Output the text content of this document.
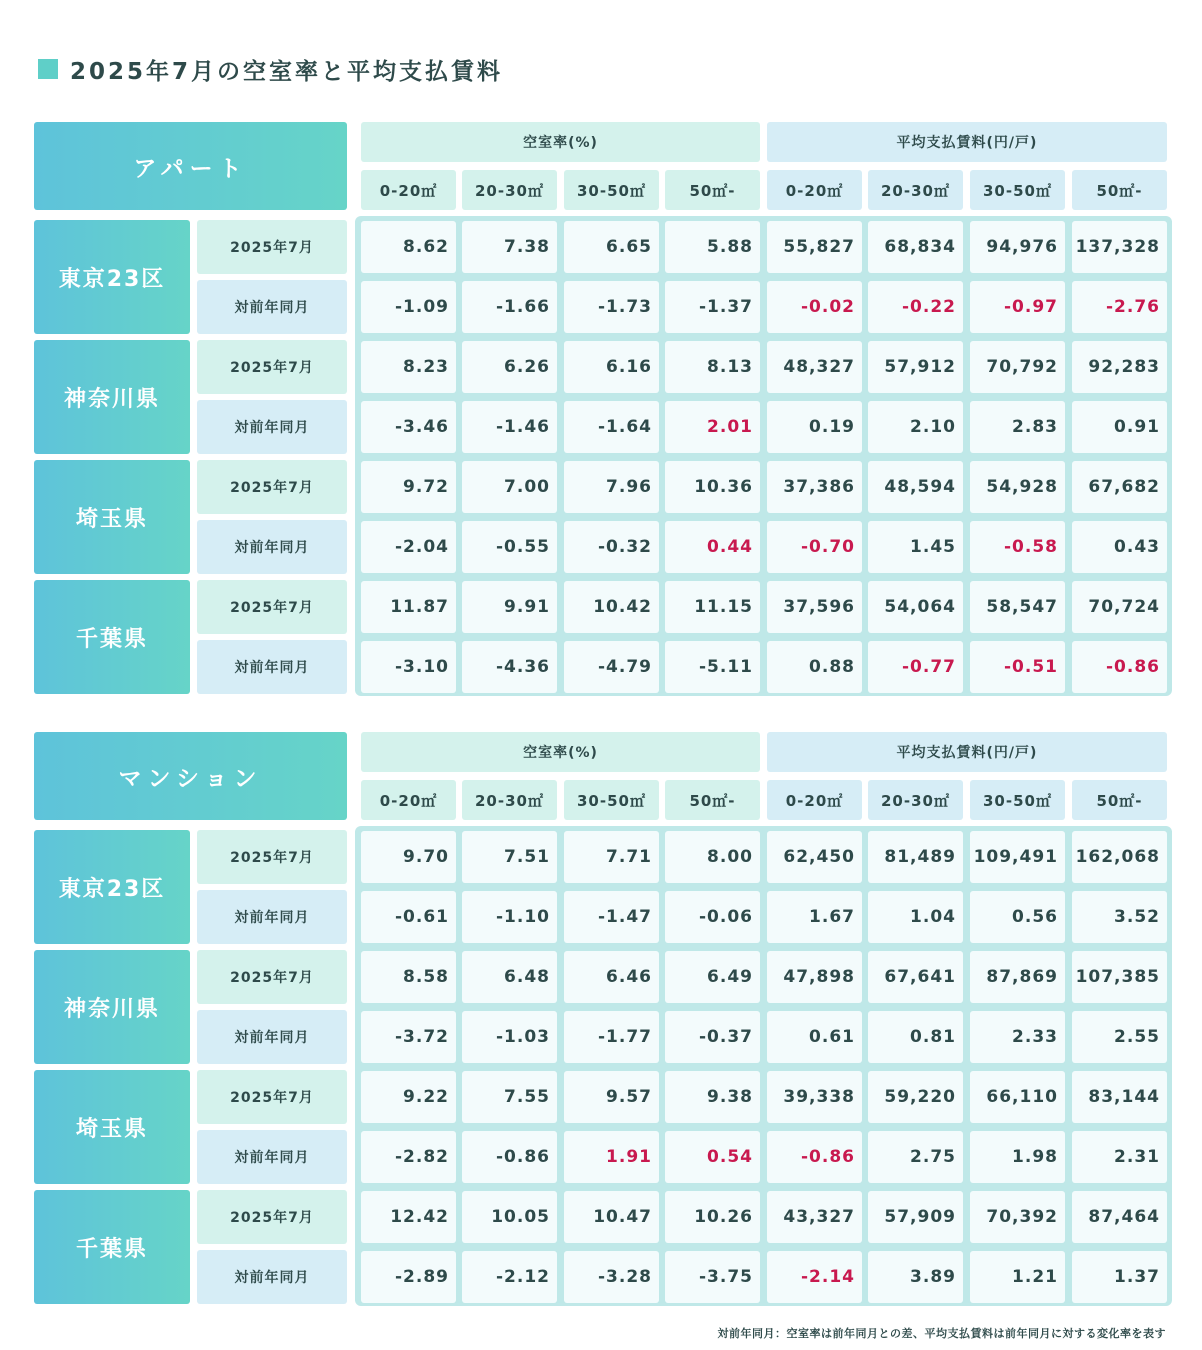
2025年7月の空室率と平均支払賃料
アパート
空室率(%)	平均支払賃料(円/戸)
0-20㎡	20-30㎡	30-50㎡	50㎡-	0-20㎡	20-30㎡	30-50㎡	50㎡-
東京23区
2025年7月	8.62	7.38	6.65	5.88	55,827	68,834	94,976	137,328
対前年同月	-1.09	-1.66	-1.73	-1.37	-0.02	-0.22	-0.97	-2.76
神奈川県
2025年7月	8.23	6.26	6.16	8.13	48,327	57,912	70,792	92,283
対前年同月	-3.46	-1.46	-1.64	2.01	0.19	2.10	2.83	0.91
埼玉県
2025年7月	9.72	7.00	7.96	10.36	37,386	48,594	54,928	67,682
対前年同月	-2.04	-0.55	-0.32	0.44	-0.70	1.45	-0.58	0.43
千葉県
2025年7月	11.87	9.91	10.42	11.15	37,596	54,064	58,547	70,724
対前年同月	-3.10	-4.36	-4.79	-5.11	0.88	-0.77	-0.51	-0.86
マンション
空室率(%)	平均支払賃料(円/戸)
0-20㎡	20-30㎡	30-50㎡	50㎡-	0-20㎡	20-30㎡	30-50㎡	50㎡-
東京23区
2025年7月	9.70	7.51	7.71	8.00	62,450	81,489	109,491	162,068
対前年同月	-0.61	-1.10	-1.47	-0.06	1.67	1.04	0.56	3.52
神奈川県
2025年7月	8.58	6.48	6.46	6.49	47,898	67,641	87,869	107,385
対前年同月	-3.72	-1.03	-1.77	-0.37	0.61	0.81	2.33	2.55
埼玉県
2025年7月	9.22	7.55	9.57	9.38	39,338	59,220	66,110	83,144
対前年同月	-2.82	-0.86	1.91	0.54	-0.86	2.75	1.98	2.31
千葉県
2025年7月	12.42	10.05	10.47	10.26	43,327	57,909	70,392	87,464
対前年同月	-2.89	-2.12	-3.28	-3.75	-2.14	3.89	1.21	1.37
対前年同月：空室率は前年同月との差、平均支払賃料は前年同月に対する変化率を表す
